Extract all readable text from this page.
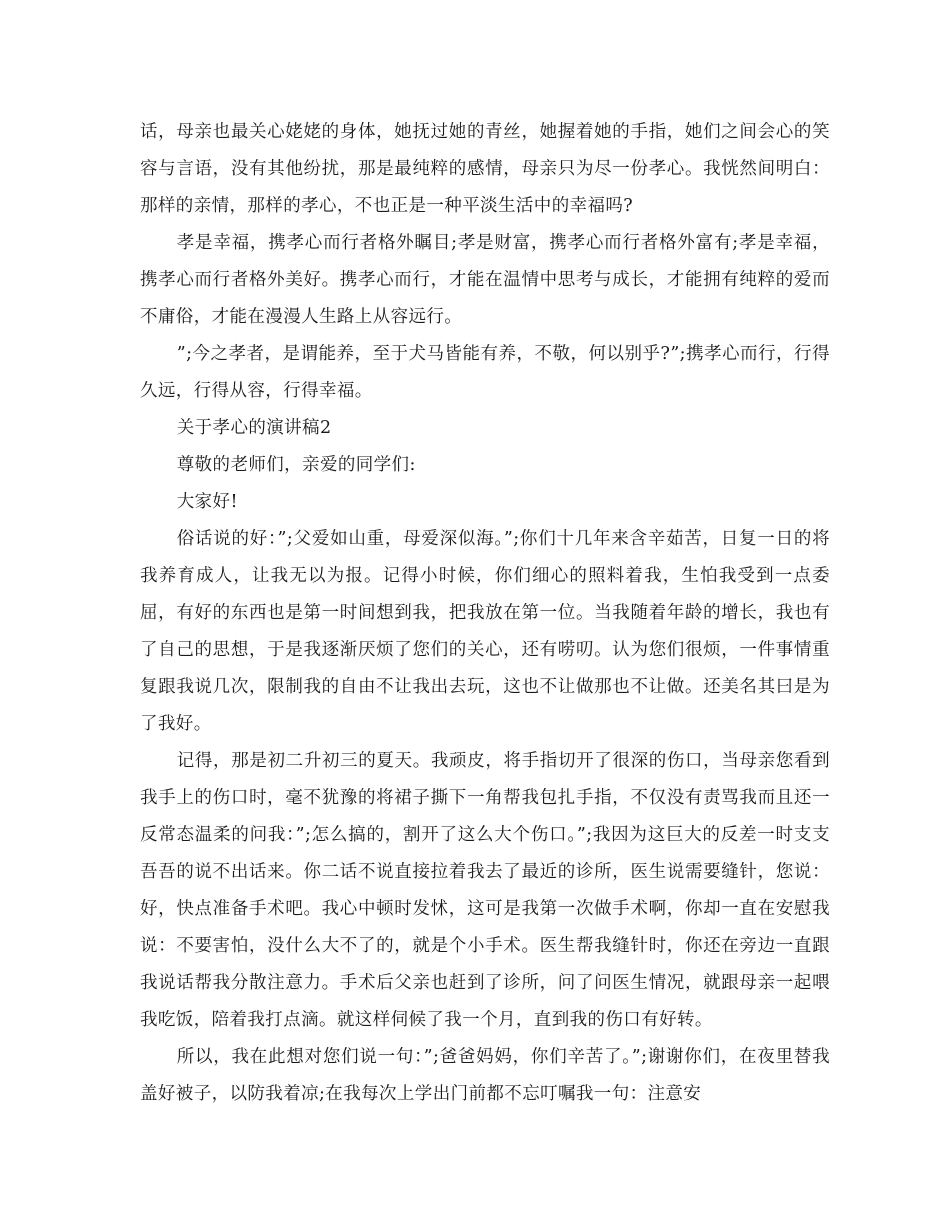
话，母亲也最关心姥姥的身体，她抚过她的青丝，她握着她的手指，她们之间会心的笑容与言语，没有其他纷扰，那是最纯粹的感情，母亲只为尽一份孝心。我恍然间明白：那样的亲情，那样的孝心，不也正是一种平淡生活中的幸福吗?

孝是幸福，携孝心而行者格外瞩目;孝是财富，携孝心而行者格外富有;孝是幸福，携孝心而行者格外美好。携孝心而行，才能在温情中思考与成长，才能拥有纯粹的爱而不庸俗，才能在漫漫人生路上从容远行。

”;今之孝者，是谓能养，至于犬马皆能有养，不敬，何以别乎?”;携孝心而行，行得久远，行得从容，行得幸福。

关于孝心的演讲稿2

尊敬的老师们，亲爱的同学们:

大家好!

俗话说的好：”;父爱如山重，母爱深似海。”;你们十几年来含辛茹苦，日复一日的将我养育成人，让我无以为报。记得小时候，你们细心的照料着我，生怕我受到一点委屈，有好的东西也是第一时间想到我，把我放在第一位。当我随着年龄的增长，我也有了自己的思想，于是我逐渐厌烦了您们的关心，还有唠叨。认为您们很烦，一件事情重复跟我说几次，限制我的自由不让我出去玩，这也不让做那也不让做。还美名其曰是为了我好。

记得，那是初二升初三的夏天。我顽皮，将手指切开了很深的伤口，当母亲您看到我手上的伤口时，毫不犹豫的将裙子撕下一角帮我包扎手指，不仅没有责骂我而且还一反常态温柔的问我：”;怎么搞的，割开了这么大个伤口。”;我因为这巨大的反差一时支支吾吾的说不出话来。你二话不说直接拉着我去了最近的诊所，医生说需要缝针，您说：好，快点准备手术吧。我心中顿时发怵，这可是我第一次做手术啊，你却一直在安慰我说：不要害怕，没什么大不了的，就是个小手术。医生帮我缝针时，你还在旁边一直跟我说话帮我分散注意力。手术后父亲也赶到了诊所，问了问医生情况，就跟母亲一起喂我吃饭，陪着我打点滴。就这样伺候了我一个月，直到我的伤口有好转。

所以，我在此想对您们说一句：”;爸爸妈妈，你们辛苦了。”;谢谢你们，在夜里替我盖好被子，以防我着凉;在我每次上学出门前都不忘叮嘱我一句：注意安
